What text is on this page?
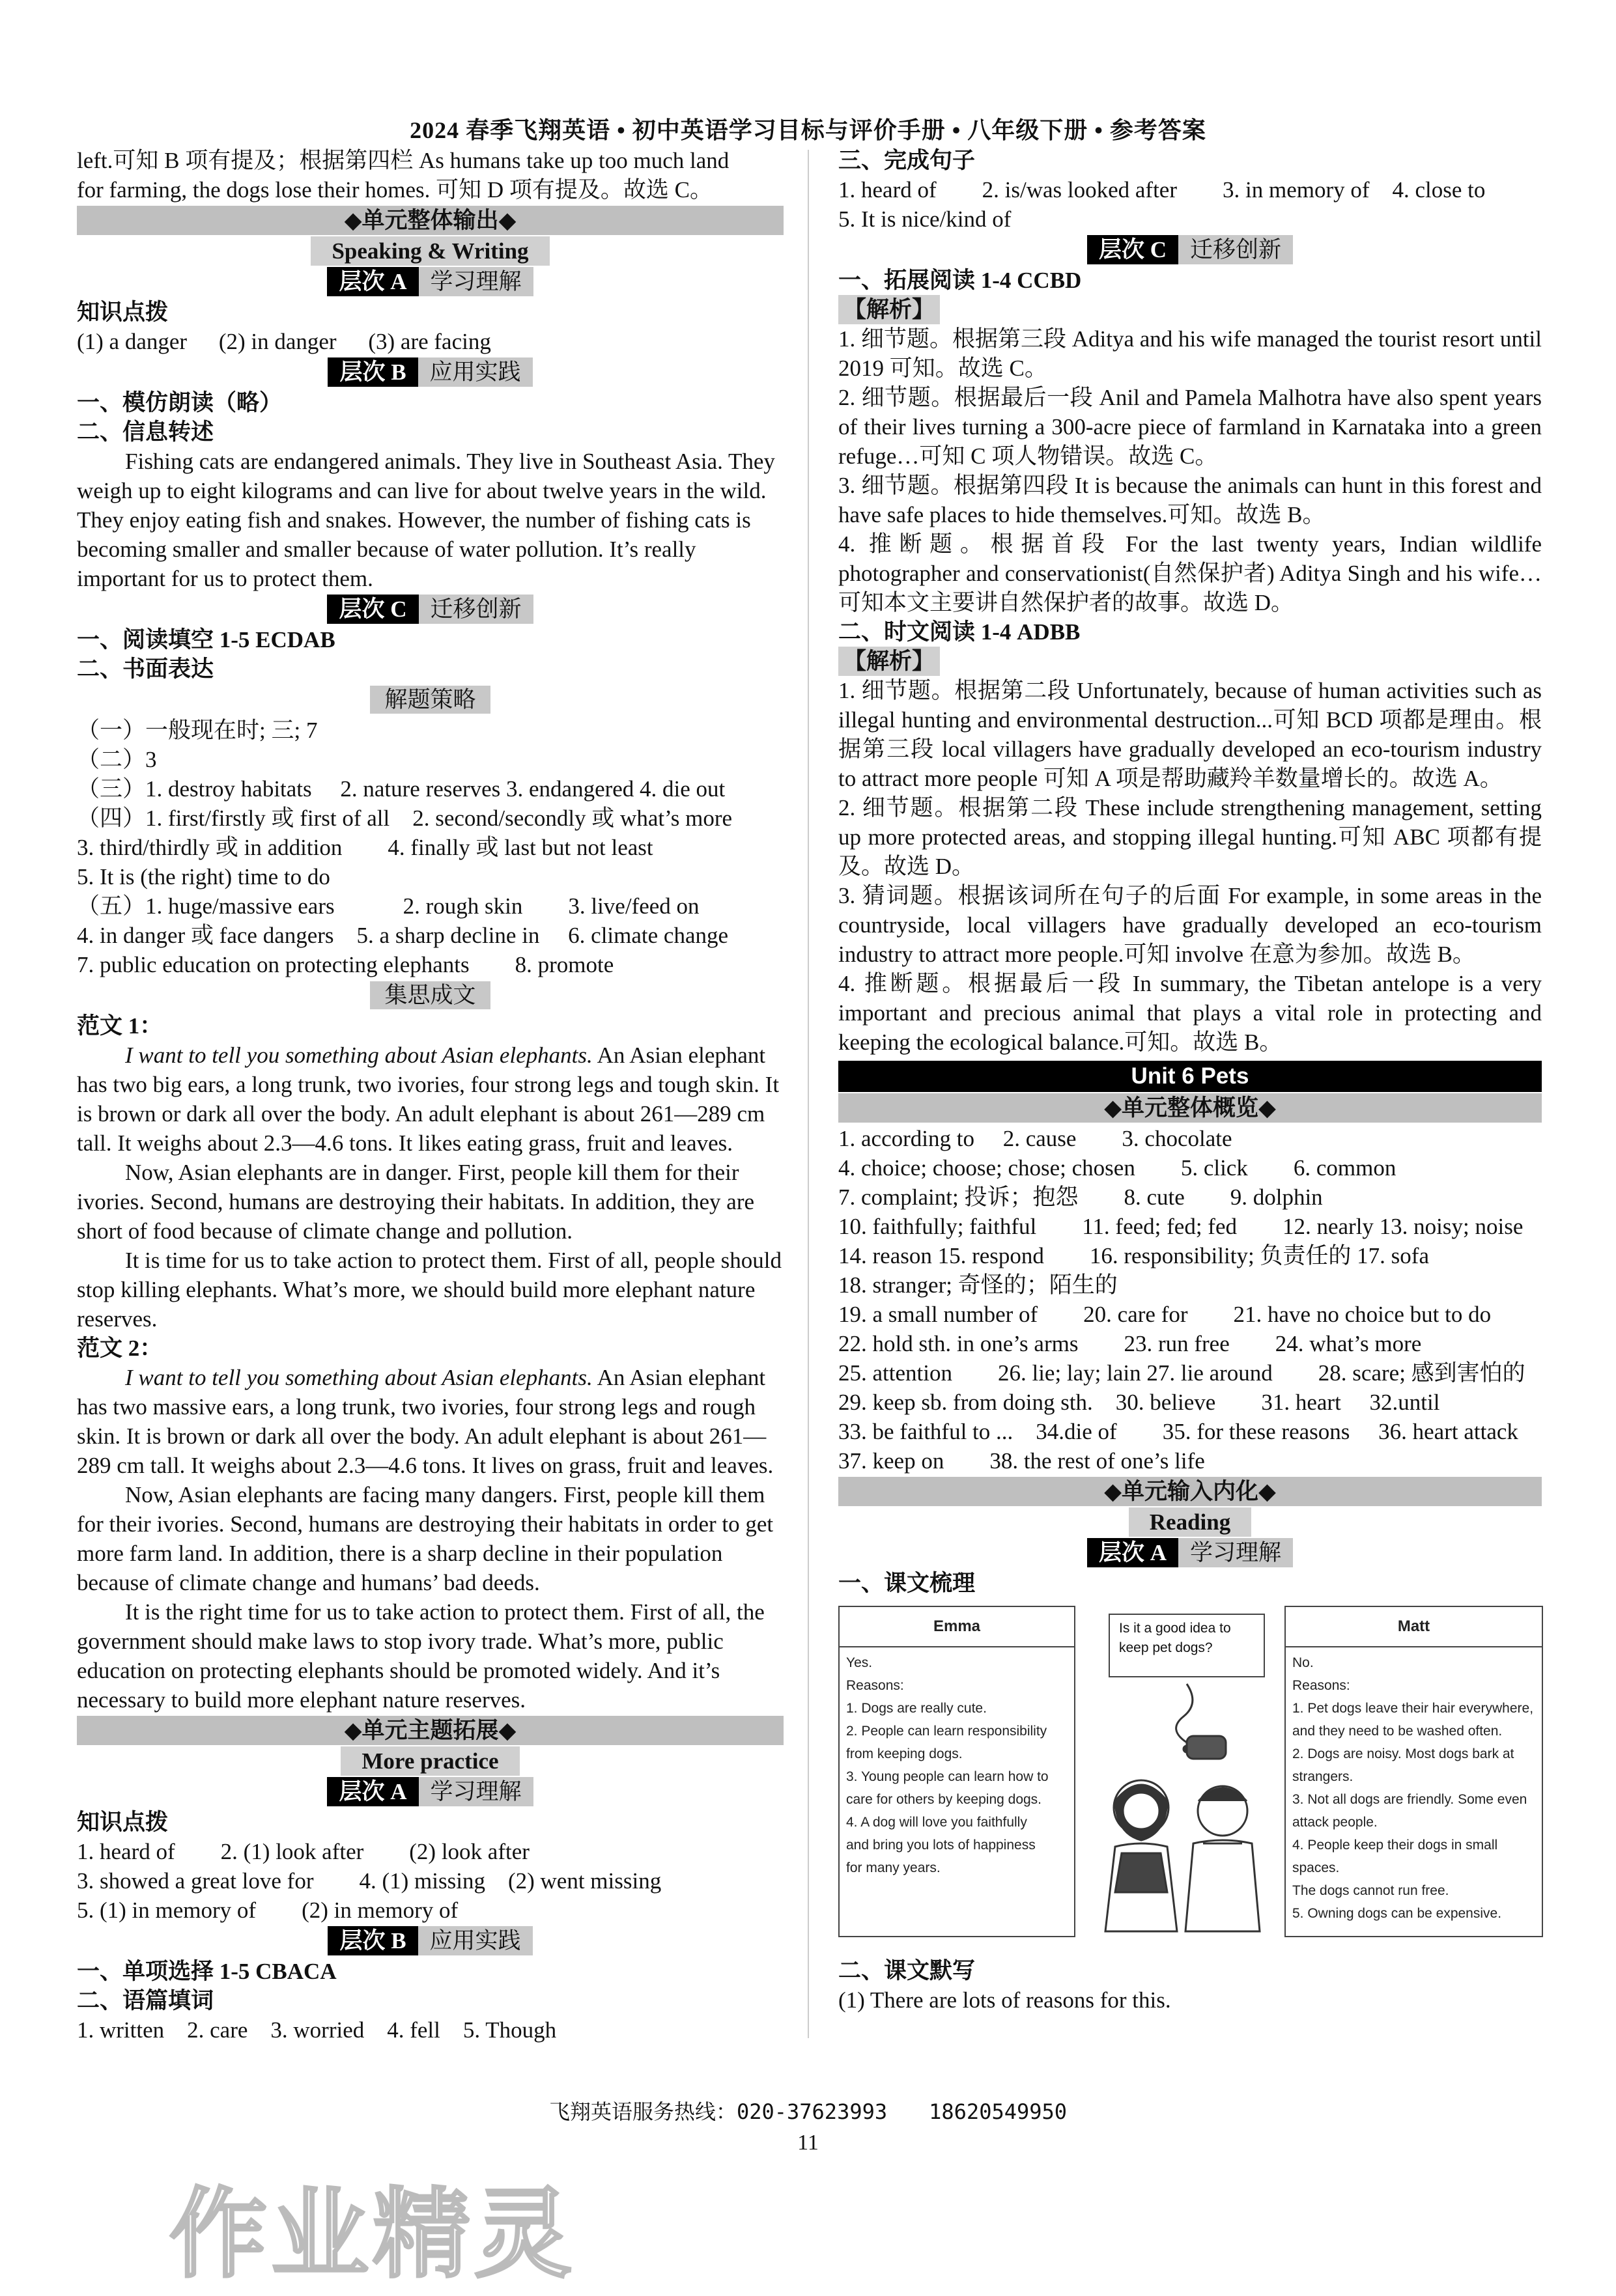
2024 春季飞翔英语 • 初中英语学习目标与评价手册 • 八年级下册 • 参考答案

left.可知 B 项有提及；根据第四栏 As humans take up too much land

for farming, the dogs lose their homes. 可知 D 项有提及。故选 C。

◆单元整体输出◆
Speaking & Writing
层次 A 学习理解

知识点拨

(1) a danger (2) in danger (3) are facing

层次 B 应用实践

一、模仿朗读（略）

二、信息转述

Fishing cats are endangered animals. They live in Southeast Asia. They weigh up to eight kilograms and can live for about twelve years in the wild. They enjoy eating fish and snakes. However, the number of fishing cats is becoming smaller and smaller because of water pollution. It’s really important for us to protect them.

层次 C 迁移创新

一、阅读填空 1-5 ECDAB

二、书面表达

解题策略

（一）一般现在时; 三; 7

（二）3

（三）1. destroy habitats　 2. nature reserves 3. endangered 4. die out

（四）1. first/firstly 或 first of all　2. second/secondly 或 what’s more

3. third/thirdly 或 in addition　　4. finally 或 last but not least

5. It is (the right) time to do

（五）1. huge/massive ears　　　2. rough skin　　3. live/feed on

4. in danger 或 face dangers　5. a sharp decline in　 6. climate change

7. public education on protecting elephants　　8. promote

集思成文

范文 1：

I want to tell you something about Asian elephants. An Asian elephant has two big ears, a long trunk, two ivories, four strong legs and tough skin. It is brown or dark all over the body. An adult elephant is about 261—289 cm tall. It weighs about 2.3—4.6 tons. It likes eating grass, fruit and leaves.

Now, Asian elephants are in danger. First, people kill them for their ivories. Second, humans are destroying their habitats. In addition, they are short of food because of climate change and pollution.

It is time for us to take action to protect them. First of all, people should stop killing elephants. What’s more, we should build more elephant nature reserves.

范文 2：

I want to tell you something about Asian elephants. An Asian elephant has two massive ears, a long trunk, two ivories, four strong legs and rough skin. It is brown or dark all over the body. An adult elephant is about 261—289 cm tall. It weighs about 2.3—4.6 tons. It lives on grass, fruit and leaves.

Now, Asian elephants are facing many dangers. First, people kill them for their ivories. Second, humans are destroying their habitats in order to get more farm land. In addition, there is a sharp decline in their population because of climate change and humans’ bad deeds.

It is the right time for us to take action to protect them. First of all, the government should make laws to stop ivory trade. What’s more, public education on protecting elephants should be promoted widely. And it’s necessary to build more elephant nature reserves.

◆单元主题拓展◆
More practice
层次 A 学习理解

知识点拨

1. heard of　　2. (1) look after　　(2) look after

3. showed a great love for　　4. (1) missing　(2) went missing

5. (1) in memory of　　(2) in memory of

层次 B 应用实践

一、单项选择 1-5 CBACA

二、语篇填词

1. written　2. care　3. worried　4. fell　5. Though

三、完成句子

1. heard of　　2. is/was looked after　　3. in memory of　4. close to

5. It is nice/kind of

层次 C 迁移创新

一、拓展阅读 1-4 CCBD

【解析】

1. 细节题。根据第三段 Aditya and his wife managed the tourist resort until 2019 可知。故选 C。

2. 细节题。根据最后一段 Anil and Pamela Malhotra have also spent years of their lives turning a 300-acre piece of farmland in Karnataka into a green refuge…可知 C 项人物错误。故选 C。

3. 细节题。根据第四段 It is because the animals can hunt in this forest and have safe places to hide themselves.可知。故选 B。

4. 推断题。根据首段 For the last twenty years, Indian wildlife photographer and conservationist(自然保护者) Aditya Singh and his wife…可知本文主要讲自然保护者的故事。故选 D。

二、时文阅读 1-4 ADBB

【解析】

1. 细节题。根据第二段 Unfortunately, because of human activities such as illegal hunting and environmental destruction...可知 BCD 项都是理由。根据第三段 local villagers have gradually developed an eco-tourism industry to attract more people 可知 A 项是帮助藏羚羊数量增长的。故选 A。

2. 细节题。根据第二段 These include strengthening management, setting up more protected areas, and stopping illegal hunting.可知 ABC 项都有提及。故选 D。

3. 猜词题。根据该词所在句子的后面 For example, in some areas in the countryside, local villagers have gradually developed an eco-tourism industry to attract more people.可知 involve 在意为参加。故选 B。

4. 推断题。根据最后一段 In summary, the Tibetan antelope is a very important and precious animal that plays a vital role in protecting and keeping the ecological balance.可知。故选 B。

Unit 6 Pets
◆单元整体概览◆

1. according to　 2. cause　　3. chocolate

4. choice; choose; chose; chosen　　5. click　　6. common

7. complaint; 投诉；抱怨　　8. cute　　9. dolphin

10. faithfully; faithful　　11. feed; fed; fed　　12. nearly 13. noisy; noise

14. reason 15. respond　　16. responsibility; 负责任的 17. sofa

18. stranger; 奇怪的；陌生的

19. a small number of　　20. care for　　21. have no choice but to do

22. hold sth. in one’s arms　　23. run free　　24. what’s more

25. attention　　26. lie; lay; lain 27. lie around　　28. scare; 感到害怕的

29. keep sb. from doing sth.　30. believe　　31. heart　 32.until

33. be faithful to ...　34.die of　　35. for these reasons　 36. heart attack

37. keep on　　38. the rest of one’s life

◆单元输入内化◆
Reading
层次 A 学习理解

一、课文梳理

Emma
Yes.
Reasons:
1. Dogs are really cute.
2. People can learn responsibility
from keeping dogs.
3. Young people can learn how to
care for others by keeping dogs.
4. A dog will love you faithfully
and bring you lots of happiness
for many years.
Is it a good idea to keep pet dogs?
Matt
No.
Reasons:
1. Pet dogs leave their hair everywhere,
and they need to be washed often.
2. Dogs are noisy. Most dogs bark at
strangers.
3. Not all dogs are friendly. Some even
attack people.
4. People keep their dogs in small spaces.
The dogs cannot run free.
5. Owning dogs can be expensive.

二、课文默写

(1) There are lots of reasons for this.

飞翔英语服务热线：020-37623993　　18620549950
11
作业精灵
